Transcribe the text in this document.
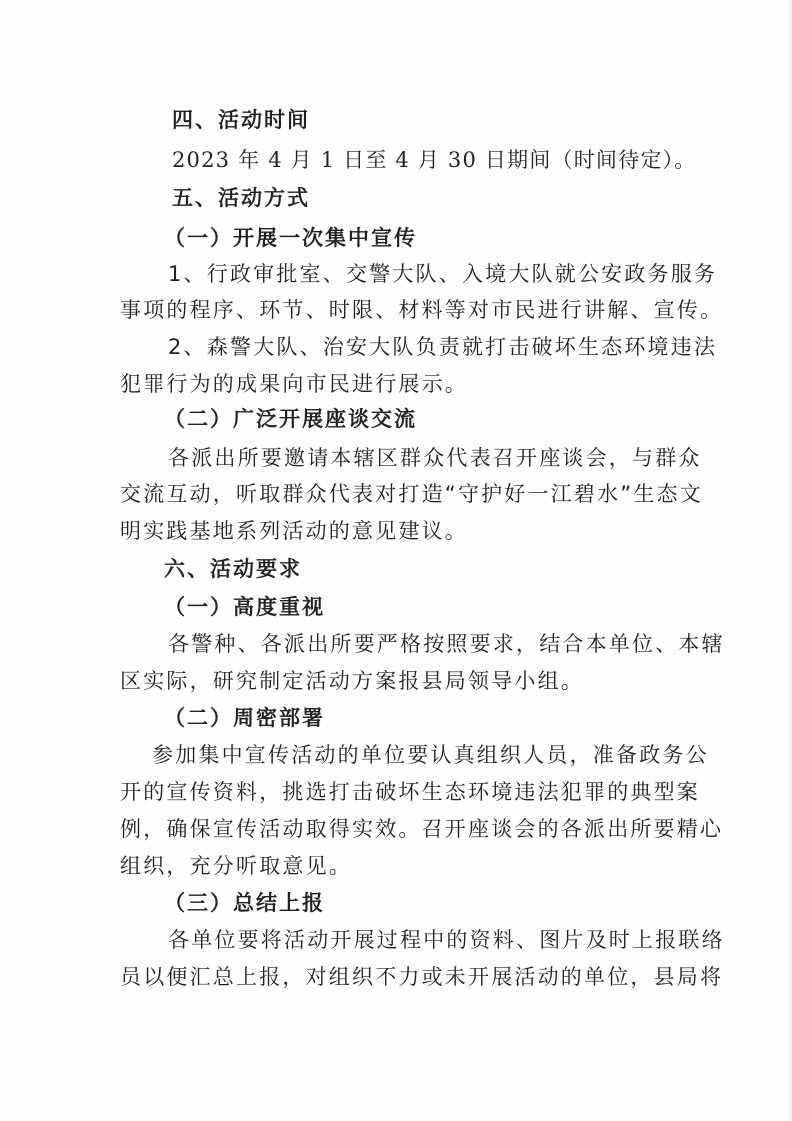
四、活动时间
2023 年 4 月 1 日至 4 月 30 日期间（时间待定）。
五、活动方式
（一）开展一次集中宣传
1、行政审批室、交警大队、入境大队就公安政务服务
事项的程序、环节、时限、材料等对市民进行讲解、宣传。
2、森警大队、治安大队负责就打击破坏生态环境违法
犯罪行为的成果向市民进行展示。
（二）广泛开展座谈交流
各派出所要邀请本辖区群众代表召开座谈会，与群众
交流互动，听取群众代表对打造“守护好一江碧水”生态文
明实践基地系列活动的意见建议。
六、活动要求
（一）高度重视
各警种、各派出所要严格按照要求，结合本单位、本辖
区实际，研究制定活动方案报县局领导小组。
（二）周密部署
参加集中宣传活动的单位要认真组织人员，准备政务公
开的宣传资料，挑选打击破坏生态环境违法犯罪的典型案
例，确保宣传活动取得实效。召开座谈会的各派出所要精心
组织，充分听取意见。
（三）总结上报
各单位要将活动开展过程中的资料、图片及时上报联络
员以便汇总上报，对组织不力或未开展活动的单位，县局将
